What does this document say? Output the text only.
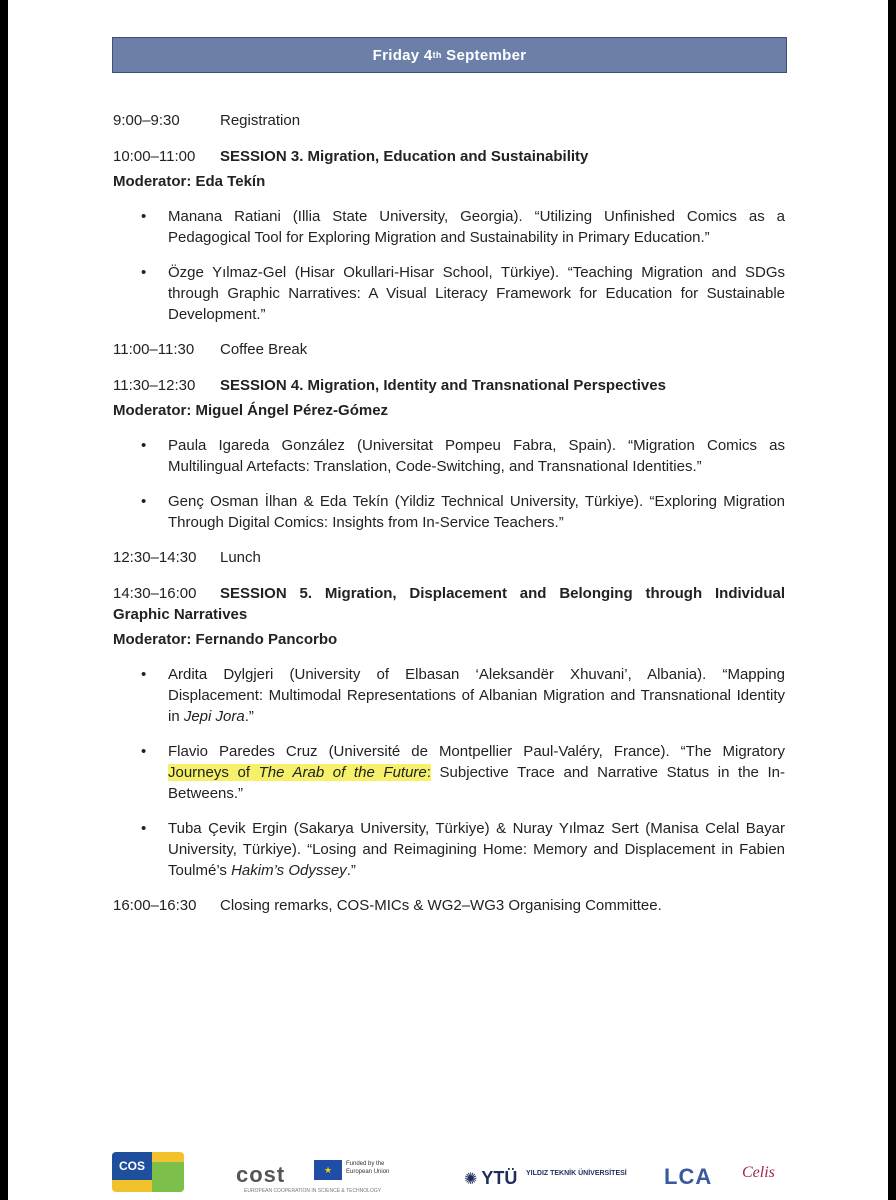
Friday 4 th
September
9:00–9:30	Registration
10:00–11:00 SESSION 3. Migration, Education and Sustainability
Moderator: Eda Tekín
• Manana Ratiani (Illia State University, Georgia). “Utilizing Unfinished Comics as a Pedagogical Tool for Exploring Migration and Sustainability in Primary Education.”
• Özge Yılmaz-Gel (Hisar Okullari-Hisar School, Türkiye). “Teaching Migration and SDGs through Graphic Narratives: A Visual Literacy Framework for Education for Sustainable Development.”
11:00–11:30 Coffee Break
11:30–12:30 SESSION 4. Migration, Identity and Transnational Perspectives
Moderator: Miguel Ángel Pérez-Gómez
• Paula Igareda González (Universitat Pompeu Fabra, Spain). “Migration Comics as Multilingual Artefacts: Translation, Code-Switching, and Transnational Identities.”
• Genç Osman İlhan & Eda Tekín (Yildiz Technical University, Türkiye). “Exploring Migration Through Digital Comics: Insights from In-Service Teachers.”
12:30–14:30 Lunch
14:30–16:00 SESSION 5. Migration, Displacement and Belonging through Individual Graphic Narratives
Moderator: Fernando Pancorbo
• Ardita Dylgjeri (University of Elbasan ‘Aleksandër Xhuvani’, Albania). “Mapping Displacement: Multimodal Representations of Albanian Migration and Transnational Identity in Jepi Jora.”
• Flavio Paredes Cruz (Université de Montpellier Paul-Valéry, France). “The Migratory Journeys of The Arab of the Future: Subjective Trace and Narrative Status in the In-Betweens.”
• Tuba Çevik Ergin (Sakarya University, Türkiye) & Nuray Yılmaz Sert (Manisa Celal Bayar University, Türkiye). “Losing and Reimagining Home: Memory and Displacement in Fabien Toulmé’s Hakim’s Odyssey.”
16:00–16:30 Closing remarks, COS-MICs & WG2–WG3 Organising Committee.
COS	cost
EUROPEAN COOPERATION IN SCIENCE & TECHNOLOGY
★
Funded by the European Union	✺ YTÜ YILDIZ TEKNİK ÜNİVERSİTESİ LCA Celis
